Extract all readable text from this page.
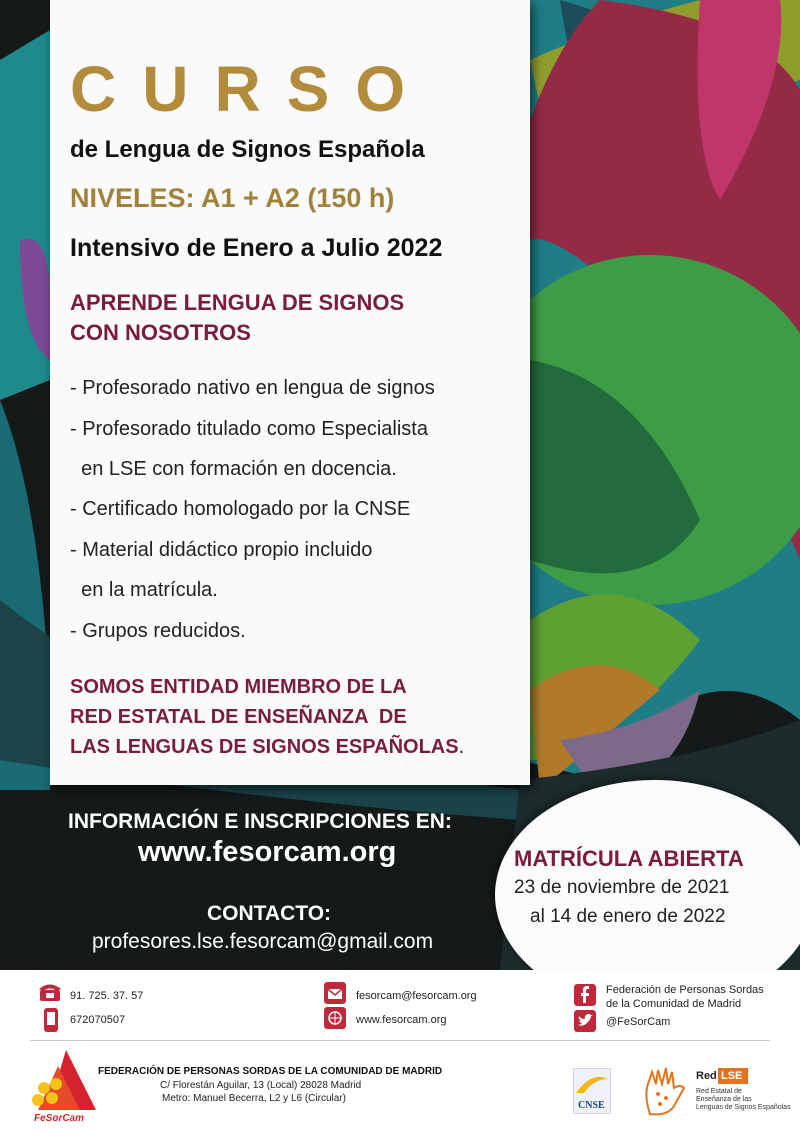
CURSO

de Lengua de Signos Española

NIVELES: A1 + A2 (150 h)

Intensivo de Enero a Julio 2022

APRENDE LENGUA DE SIGNOS

CON NOSOTROS

- Profesorado nativo en lengua de signos

- Profesorado titulado como Especialista

en LSE con formación en docencia.

- Certificado homologado por la CNSE

- Material didáctico propio incluido

en la matrícula.

- Grupos reducidos.

SOMOS ENTIDAD MIEMBRO DE LA

RED ESTATAL DE ENSEÑANZA  DE

LAS LENGUAS DE SIGNOS ESPAÑOLAS.

INFORMACIÓN E INSCRIPCIONES EN:

www.fesorcam.org

CONTACTO:

profesores.lse.fesorcam@gmail.com

MATRÍCULA ABIERTA

23 de noviembre de 2021

al 14 de enero de 2022

91. 725. 37. 57

672070507

fesorcam@fesorcam.org

www.fesorcam.org

Federación de Personas Sordas

de la Comunidad de Madrid

@FeSorCam

FeSorCam

FEDERACIÓN DE PERSONAS SORDAS DE LA COMUNIDAD DE MADRID

C/ Florestán Aguilar, 13 (Local) 28028 Madrid

Metro: Manuel Becerra, L2 y L6 (Circular)

CNSE
Red LSE
Red Estatal de
Enseñanza de las
Lenguas de Signos Españolas
